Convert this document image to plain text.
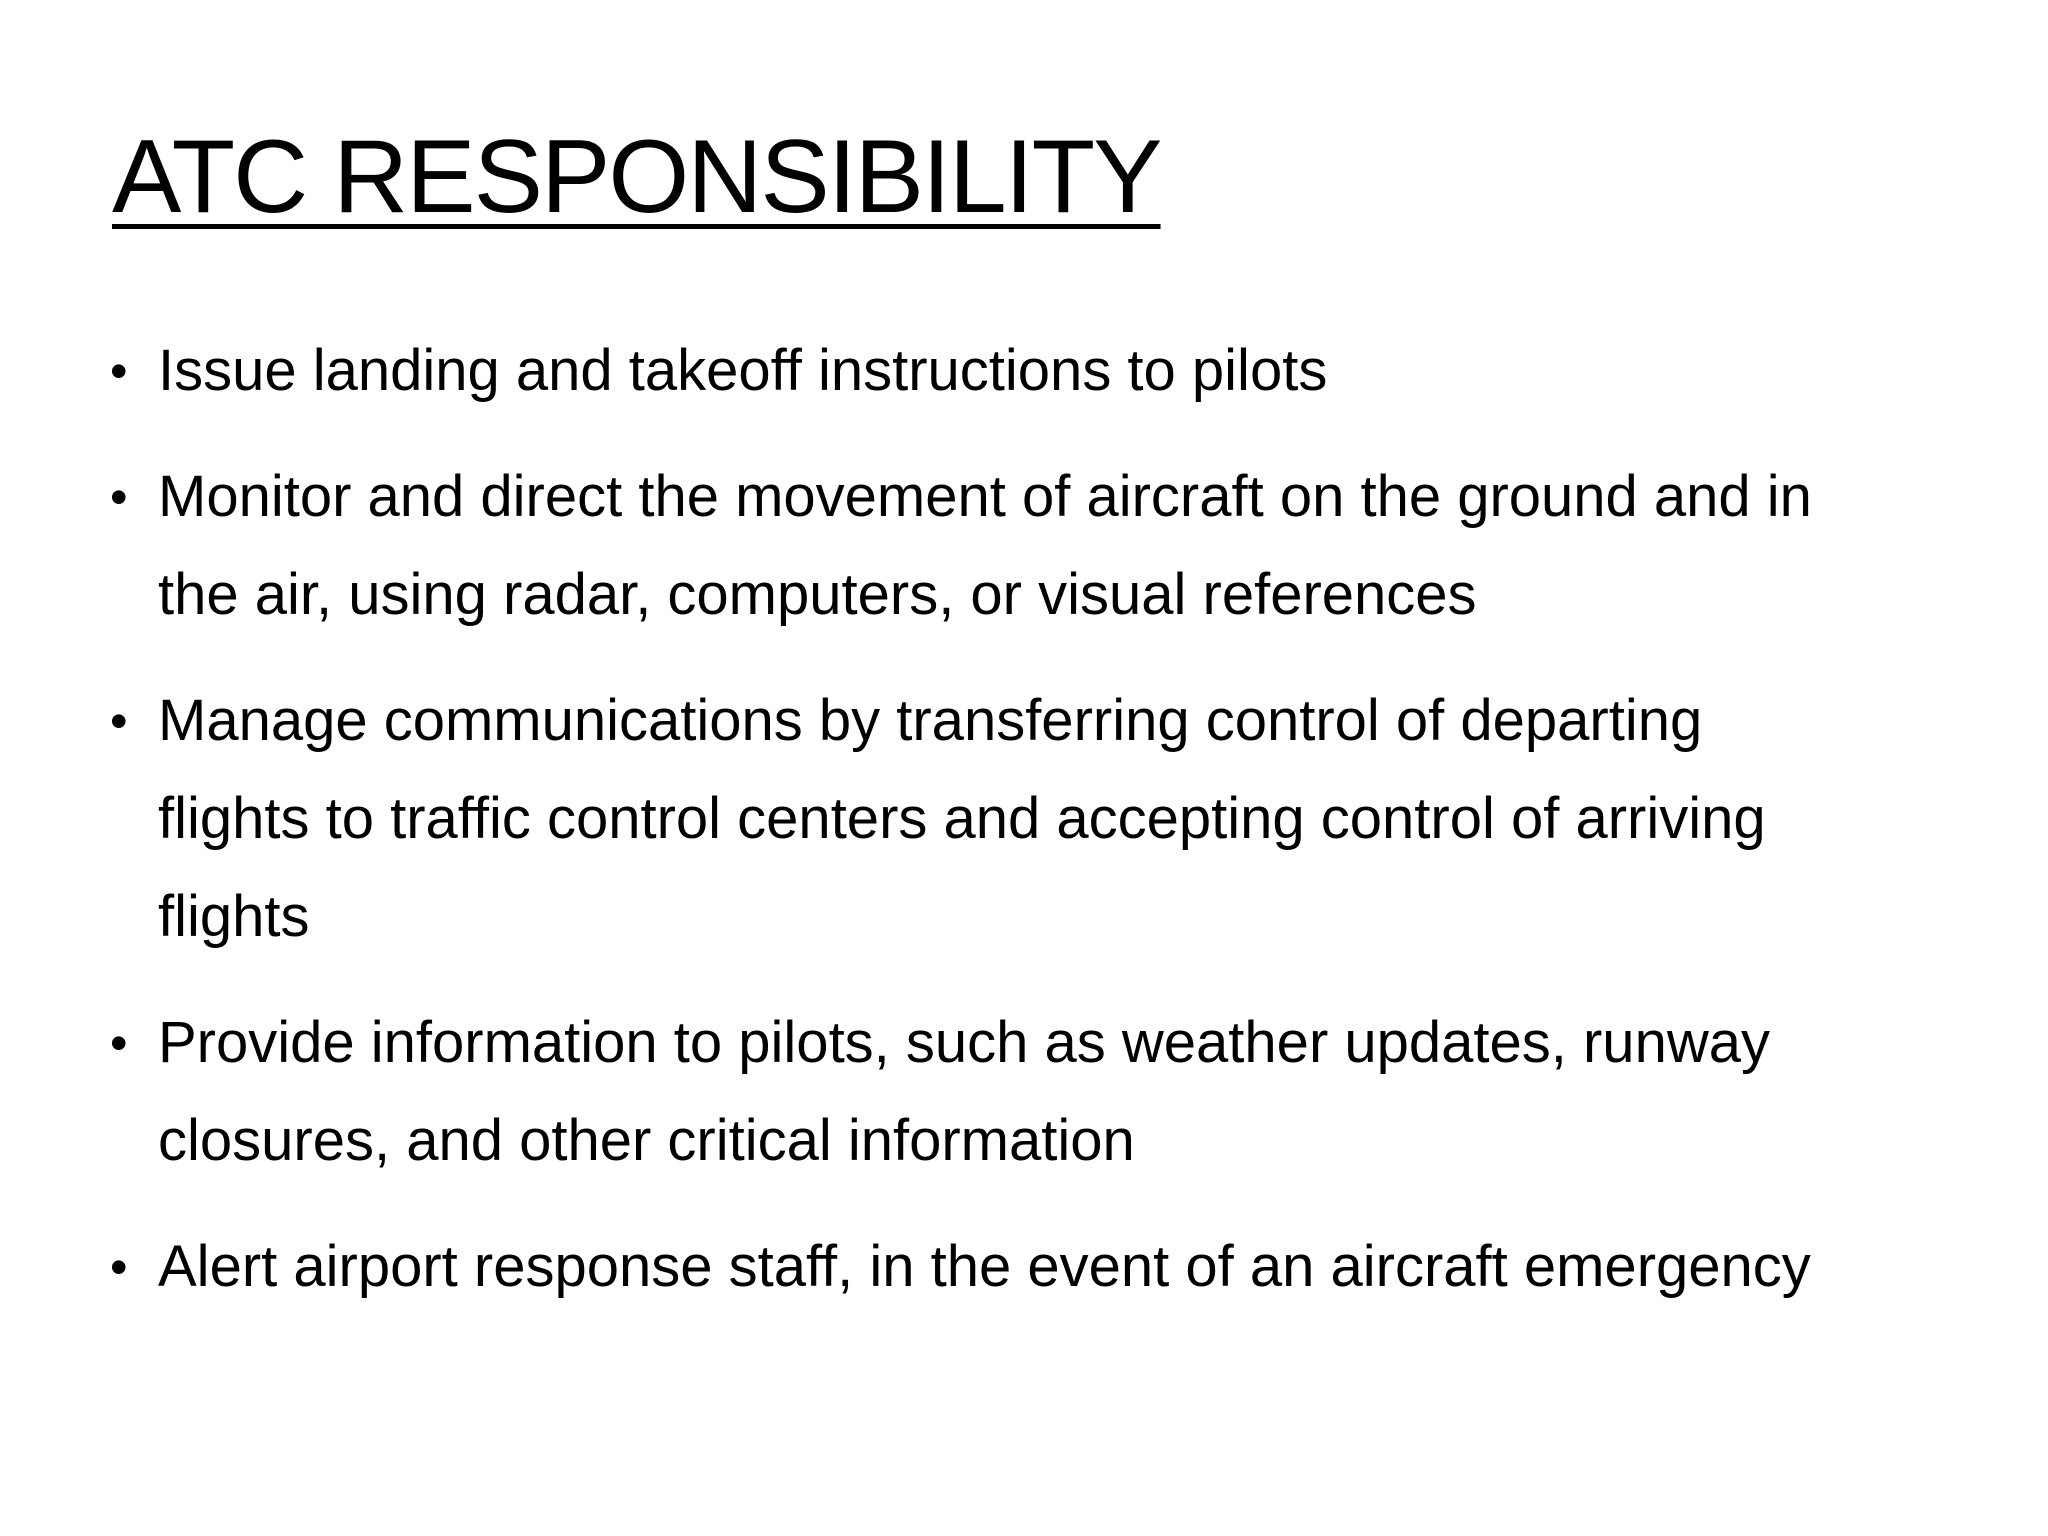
ATC RESPONSIBILITY
• Issue landing and takeoff instructions to pilots
• Monitor and direct the movement of aircraft on the ground and in the air, using radar, computers, or visual references
• Manage communications by transferring control of departing flights to traffic control centers and accepting control of arriving flights
• Provide information to pilots, such as weather updates, runway closures, and other critical information
• Alert airport response staff, in the event of an aircraft emergency
